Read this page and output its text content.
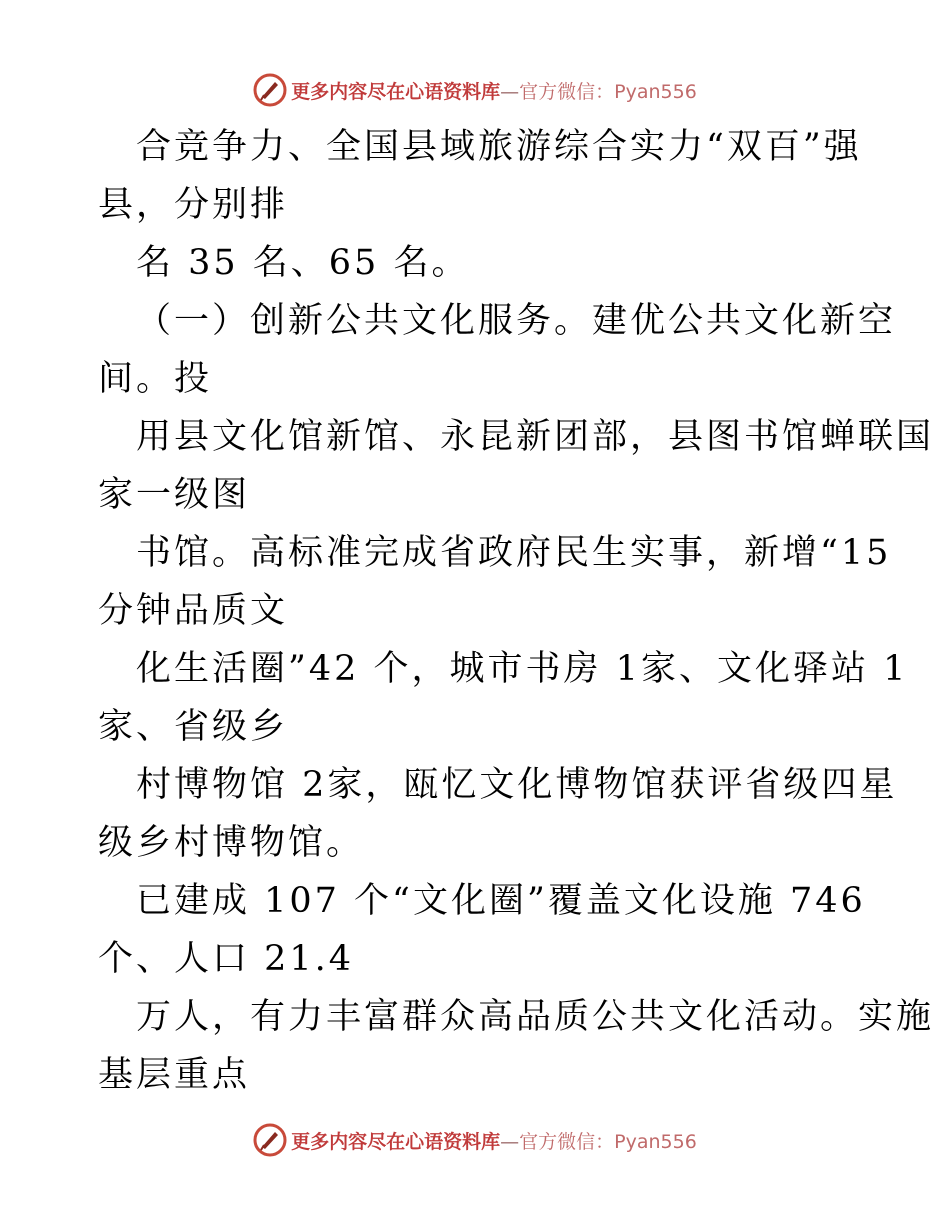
更多内容尽在心语资料库—官方微信：Pyan556
合竞争力、全国县域旅游综合实力“双百”强
县，分别排
名 35 名、65 名。
（一）创新公共文化服务。建优公共文化新空
间。投
用县文化馆新馆、永昆新团部，县图书馆蝉联国
家一级图
书馆。高标准完成省政府民生实事，新增“15
分钟品质文
化生活圈”42 个，城市书房 1家、文化驿站 1
家、省级乡
村博物馆 2家，瓯忆文化博物馆获评省级四星
级乡村博物馆。
已建成 107 个“文化圈”覆盖文化设施 746
个、人口 21.4
万人，有力丰富群众高品质公共文化活动。实施
基层重点
更多内容尽在心语资料库—官方微信：Pyan556
